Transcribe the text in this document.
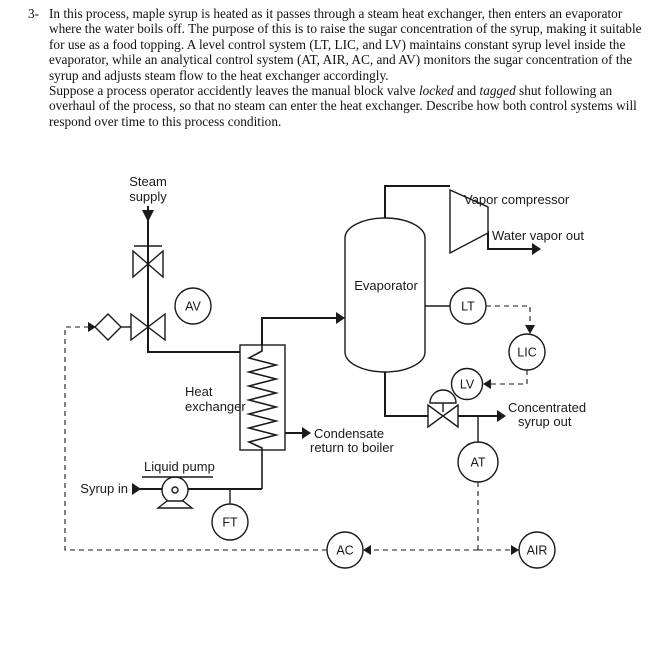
3- In this process, maple syrup is heated as it passes through a steam heat exchanger, then enters an evaporator where the water boils off. The purpose of this is to raise the sugar concentration of the syrup, making it suitable for use as a food topping. A level control system (LT, LIC, and LV) maintains constant syrup level inside the evaporator, while an analytical control system (AT, AIR, AC, and AV) monitors the sugar concentration of the syrup and adjusts steam flow to the heat exchanger accordingly.

Suppose a process operator accidently leaves the manual block valve locked and tagged shut following an overhaul of the process, so that no steam can enter the heat exchanger. Describe how both control systems will respond over time to this process condition.

AV	LT
LIC
LV
AT
FT
AC	AIR
Steam
supply	Vapor compressor
Water vapor out
Evaporator
Heat
exchanger
Condensate
return to boiler
Liquid pump
Syrup in
Concentrated
syrup out
